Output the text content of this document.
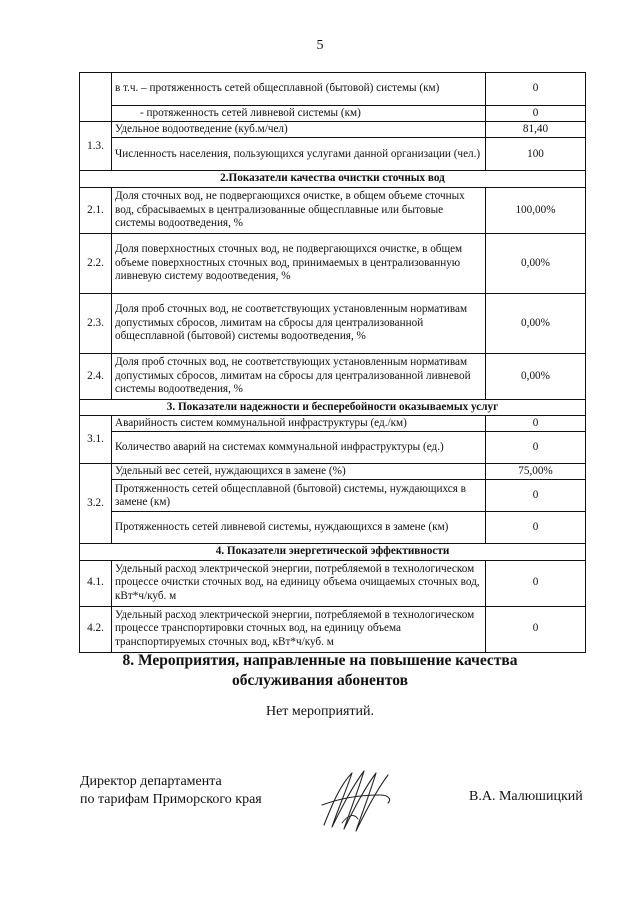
5
	в т.ч. – протяженность сетей общесплавной (бытовой) системы (км)	0
	- протяженность сетей ливневой системы (км)	0
1.3.	Удельное водоотведение (куб.м/чел)	81,40
	Численность населения, пользующихся услугами данной организации (чел.)	100
2.Показатели качества очистки сточных вод		
2.1.	Доля сточных вод, не подвергающихся очистке, в общем объеме сточных вод, сбрасываемых в централизованные общесплавные или бытовые системы водоотведения, %	100,00%
2.2.	Доля поверхностных сточных вод, не подвергающихся очистке, в общем объеме поверхностных сточных вод, принимаемых в централизованную ливневую систему водоотведения, %	0,00%
2.3.	Доля проб сточных вод, не соответствующих установленным нормативам допустимых сбросов, лимитам на сбросы для централизованной общесплавной (бытовой) системы водоотведения, %	0,00%
2.4.	Доля проб сточных вод, не соответствующих установленным нормативам допустимых сбросов, лимитам на сбросы для централизованной ливневой системы водоотведения, %	0,00%
3. Показатели надежности и бесперебойности оказываемых услуг		
3.1.	Аварийность систем коммунальной инфраструктуры (ед./км)	0
	Количество аварий на системах коммунальной инфраструктуры (ед.)	0
3.2.	Удельный вес сетей, нуждающихся в замене (%)	75,00%
	Протяженность сетей общесплавной (бытовой) системы, нуждающихся в замене (км)	0
	Протяженность сетей ливневой системы, нуждающихся в замене (км)	0
4. Показатели энергетической эффективности		
4.1.	Удельный расход электрической энергии, потребляемой в технологическом процессе очистки сточных вод, на единицу объема очищаемых сточных вод, кВт*ч/куб. м	0
4.2.	Удельный расход электрической энергии, потребляемой в технологическом процессе транспортировки сточных вод, на единицу объема транспортируемых сточных вод, кВт*ч/куб. м	0
8. Мероприятия, направленные на повышение качества
обслуживания абонентов
Нет мероприятий.
Директор департамента
по тарифам Приморского края	В.А. Малюшицкий
